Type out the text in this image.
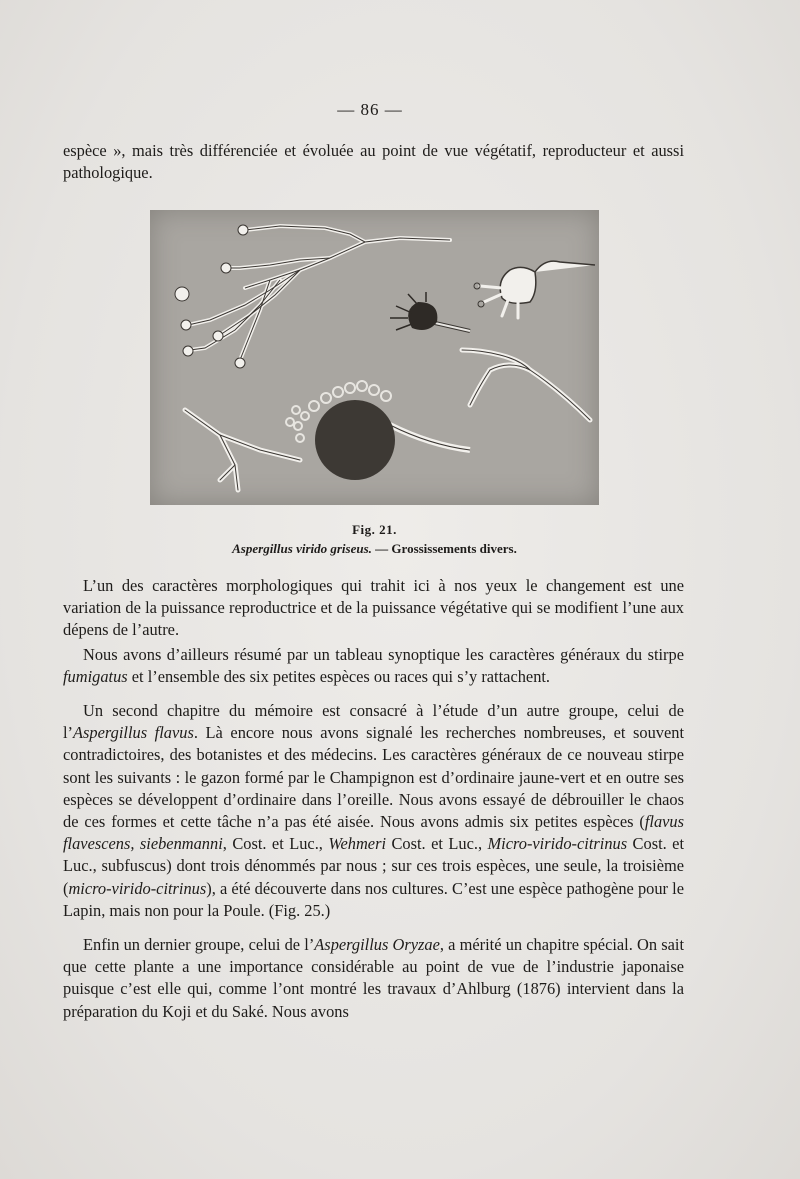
— 86 —

espèce », mais très différenciée et évoluée au point de vue végétatif, reproducteur et aussi pathologique.

Fig. 21.
Aspergillus virido griseus. — Grossissements divers.

L’un des caractères morphologiques qui trahit ici à nos yeux le changement est une variation de la puissance reproductrice et de la puissance végétative qui se modifient l’une aux dépens de l’autre.

Nous avons d’ailleurs résumé par un tableau synoptique les caractères généraux du stirpe fumigatus et l’ensemble des six petites espèces ou races qui s’y rattachent.

Un second chapitre du mémoire est consacré à l’étude d’un autre groupe, celui de l’Aspergillus flavus. Là encore nous avons signalé les recherches nombreuses, et souvent contradictoires, des botanistes et des médecins. Les caractères généraux de ce nouveau stirpe sont les suivants : le gazon formé par le Champignon est d’ordinaire jaune-vert et en outre ses espèces se développent d’ordinaire dans l’oreille. Nous avons essayé de débrouiller le chaos de ces formes et cette tâche n’a pas été aisée. Nous avons admis six petites espèces (flavus flavescens, siebenmanni, Cost. et Luc., Wehmeri Cost. et Luc., Micro-virido-citrinus Cost. et Luc., subfuscus) dont trois dénommés par nous ; sur ces trois espèces, une seule, la troisième (micro-virido-citrinus), a été découverte dans nos cultures. C’est une espèce pathogène pour le Lapin, mais non pour la Poule. (Fig. 25.)

Enfin un dernier groupe, celui de l’Aspergillus Oryzae, a mérité un chapitre spécial. On sait que cette plante a une importance considérable au point de vue de l’industrie japonaise puisque c’est elle qui, comme l’ont montré les travaux d’Ahlburg (1876) intervient dans la préparation du Koji et du Saké. Nous avons
